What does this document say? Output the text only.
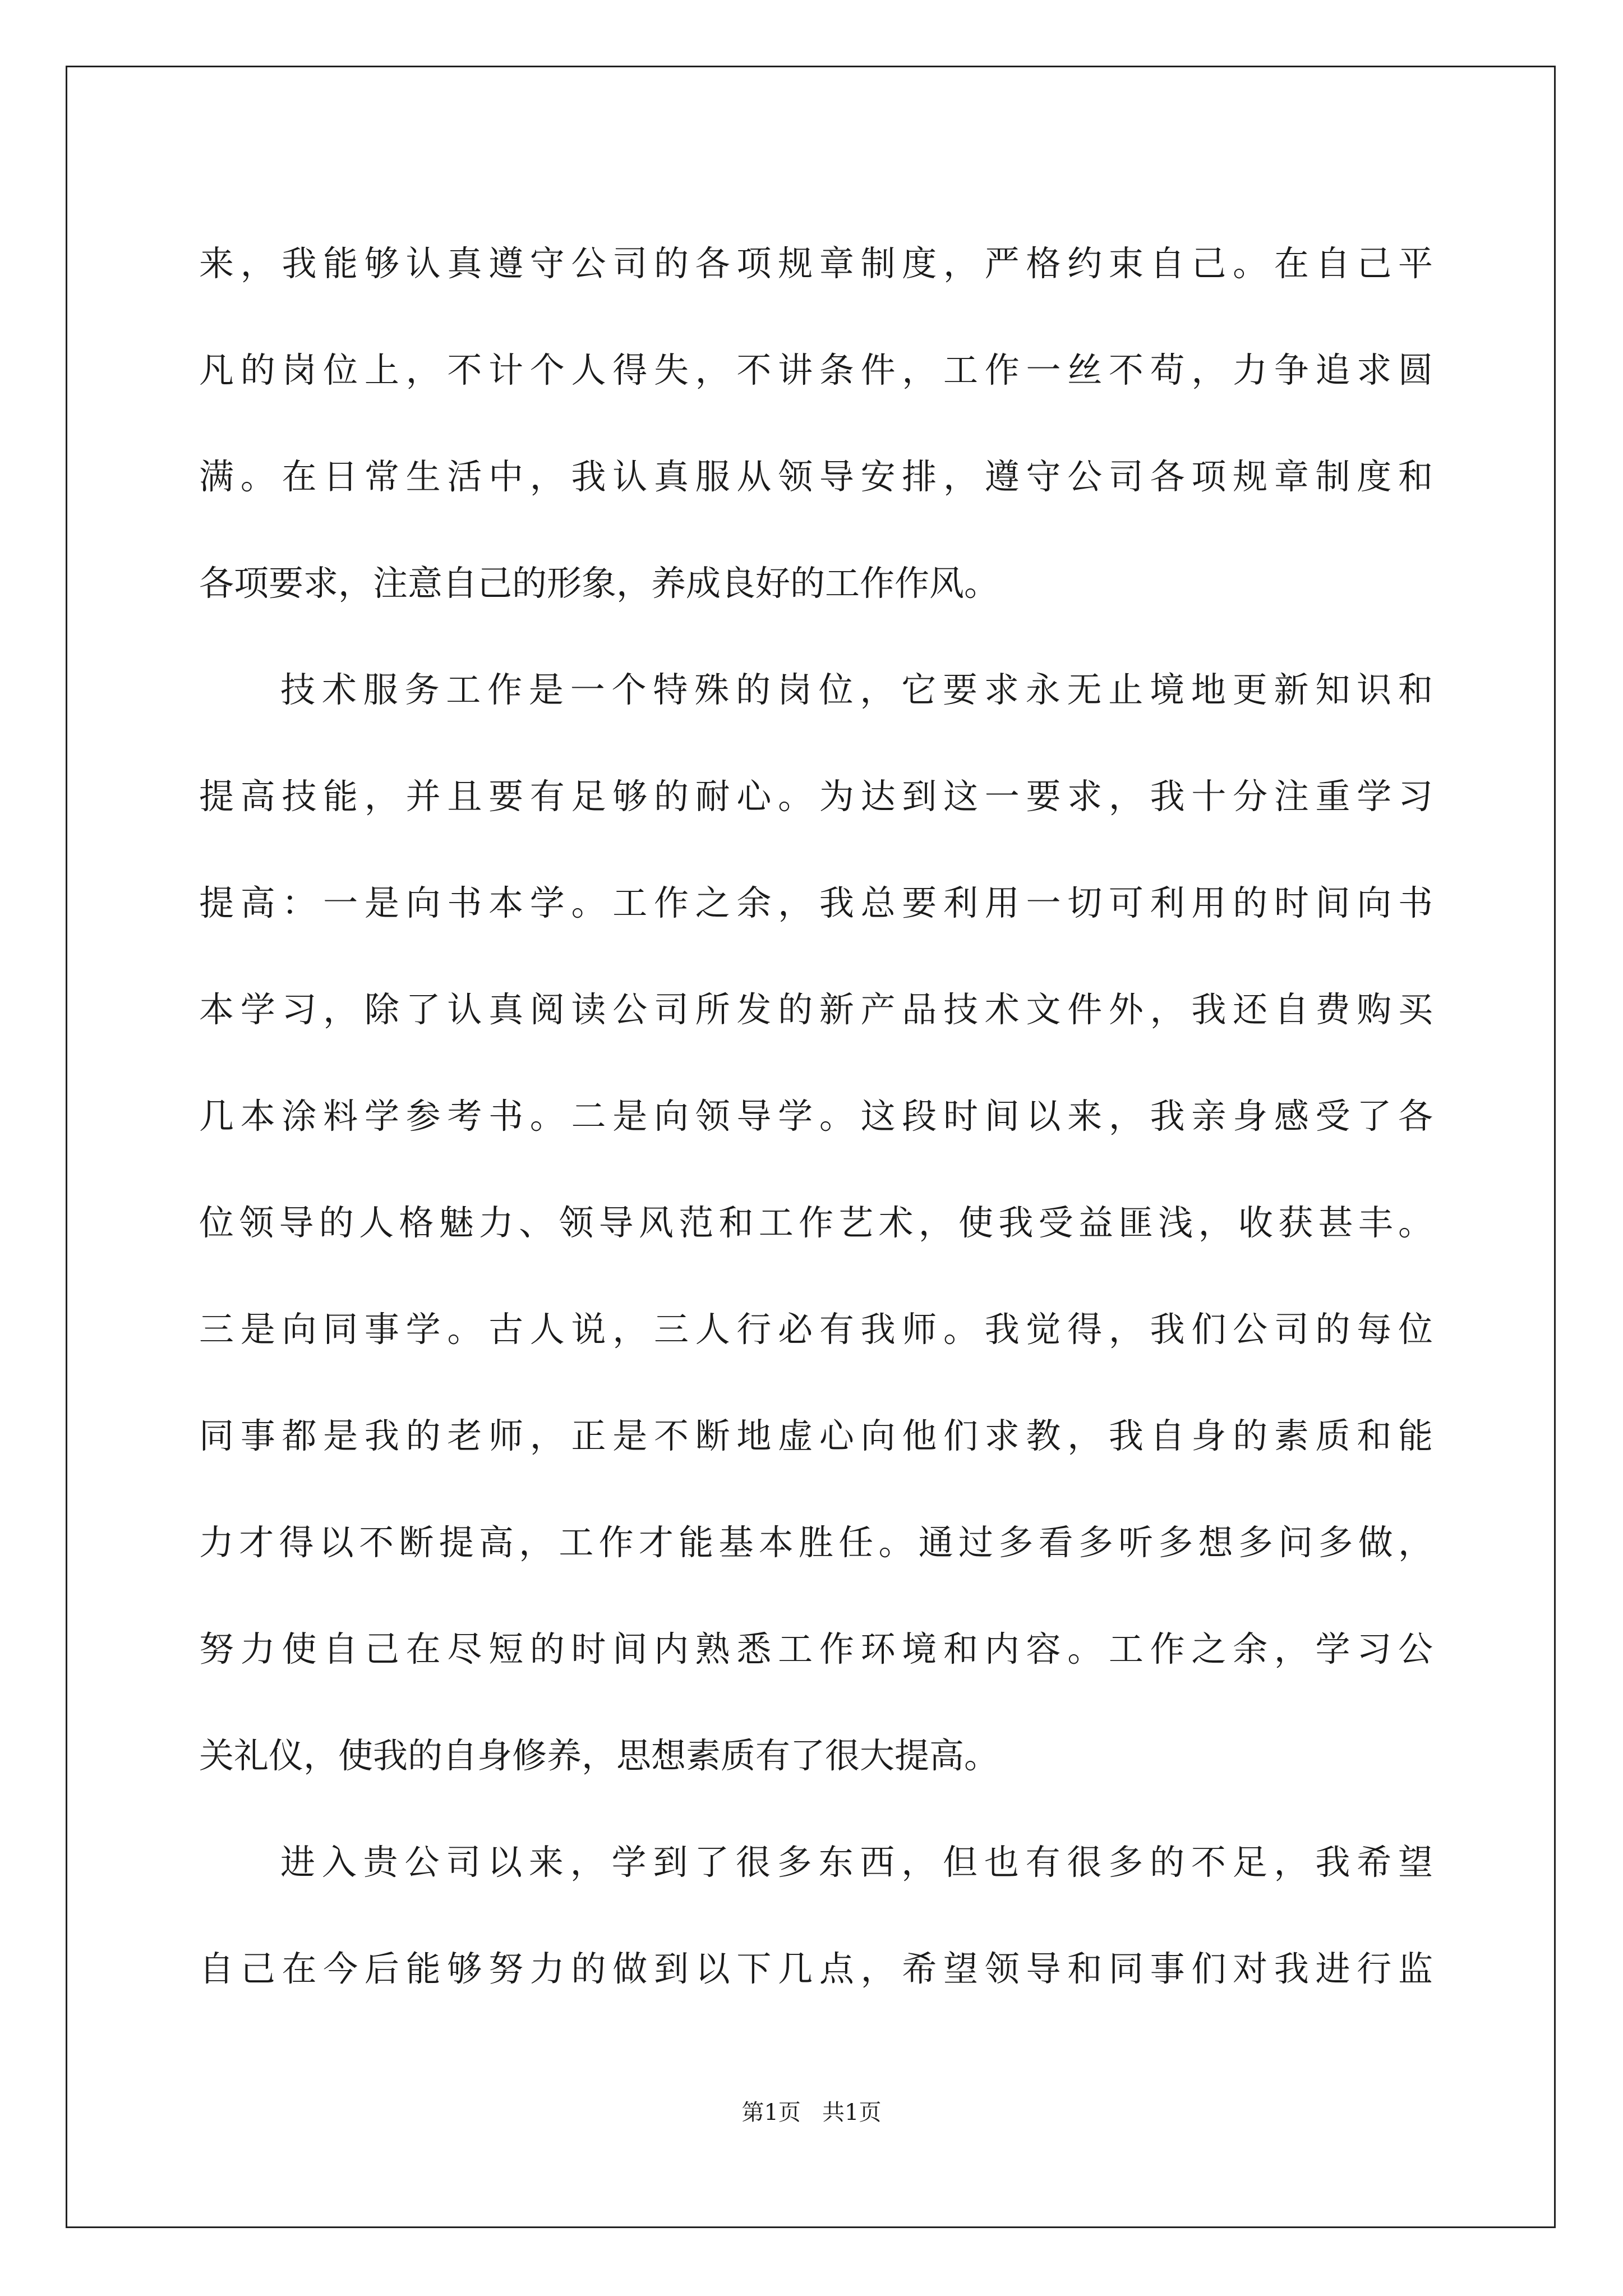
来，我能够认真遵守公司的各项规章制度，严格约束自己。在自己平
凡的岗位上，不计个人得失，不讲条件，工作一丝不苟，力争追求圆
满。在日常生活中，我认真服从领导安排，遵守公司各项规章制度和
各项要求，注意自己的形象，养成良好的工作作风。
技术服务工作是一个特殊的岗位，它要求永无止境地更新知识和
提高技能，并且要有足够的耐心。为达到这一要求，我十分注重学习
提高：一是向书本学。工作之余，我总要利用一切可利用的时间向书
本学习，除了认真阅读公司所发的新产品技术文件外，我还自费购买
几本涂料学参考书。二是向领导学。这段时间以来，我亲身感受了各
位领导的人格魅力、领导风范和工作艺术，使我受益匪浅，收获甚丰。
三是向同事学。古人说，三人行必有我师。我觉得，我们公司的每位
同事都是我的老师，正是不断地虚心向他们求教，我自身的素质和能
力才得以不断提高，工作才能基本胜任。通过多看多听多想多问多做，
努力使自己在尽短的时间内熟悉工作环境和内容。工作之余，学习公
关礼仪，使我的自身修养，思想素质有了很大提高。
进入贵公司以来，学到了很多东西，但也有很多的不足，我希望
自己在今后能够努力的做到以下几点，希望领导和同事们对我进行监
第1页   共1页
